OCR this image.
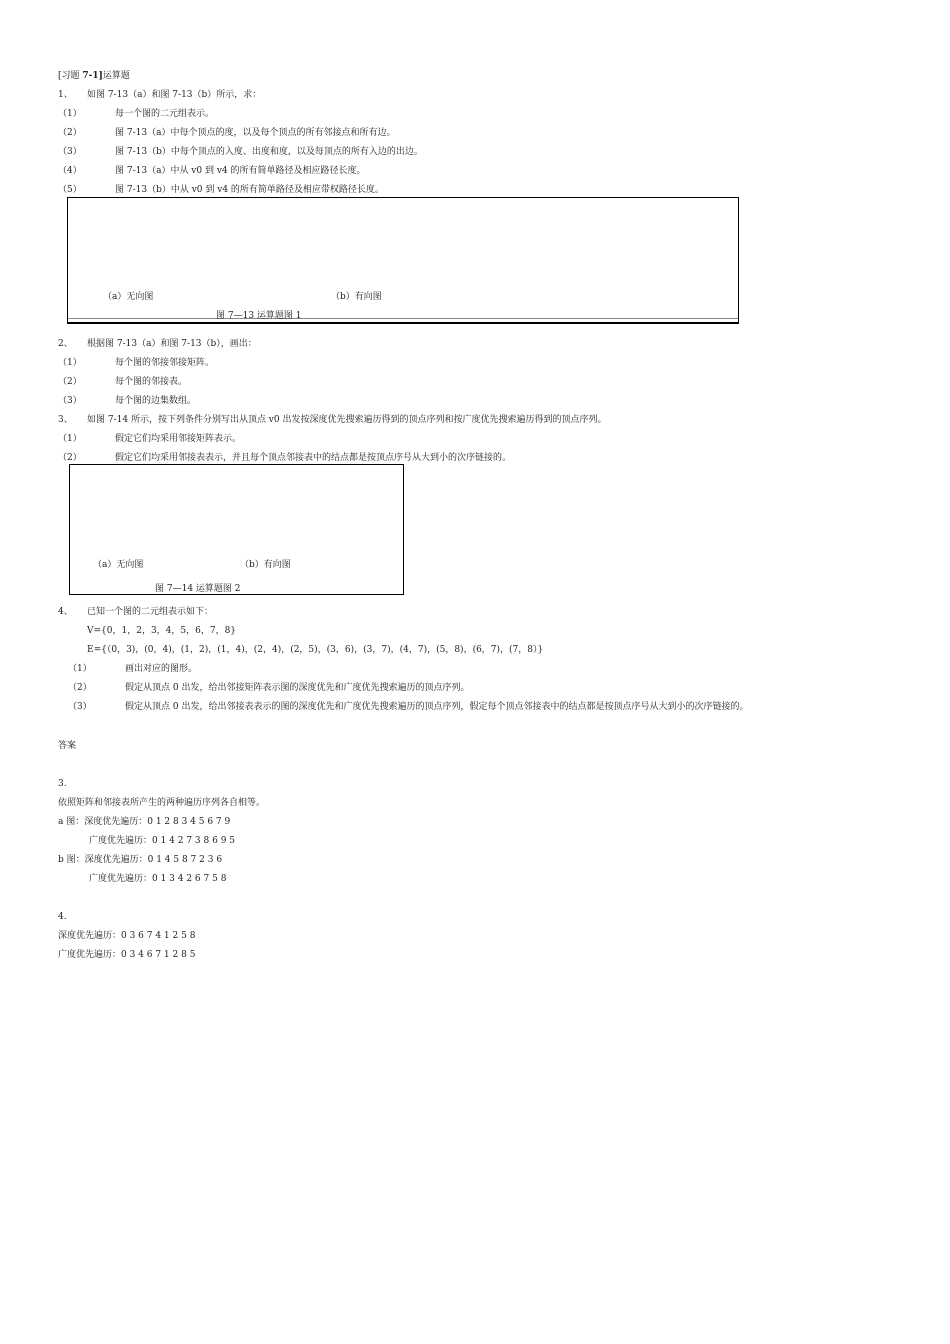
[习题 7-1]运算题
1、 如图 7-13（a）和图 7-13（b）所示，求：
（1）	每一个图的二元组表示。
（2）	图 7-13（a）中每个顶点的度，以及每个顶点的所有邻接点和所有边。
（3）	图 7-13（b）中每个顶点的入度、出度和度，以及每顶点的所有入边的出边。
（4）	图 7-13（a）中从 v0 到 v4 的所有简单路径及相应路径长度。
（5）	图 7-13（b）中从 v0 到 v4 的所有简单路径及相应带权路径长度。
（a）无向图	（b）有向图
图 7—13 运算题图 1
2、 根据图 7-13（a）和图 7-13（b），画出：
（1）	每个图的邻接邻接矩阵。
（2）	每个图的邻接表。
（3）	每个图的边集数组。
3、 如图 7-14 所示，按下列条件分别写出从顶点 v0 出发按深度优先搜索遍历得到的顶点序列和按广度优先搜索遍历得到的顶点序列。
（1）	假定它们均采用邻接矩阵表示。
（2）	假定它们均采用邻接表表示，并且每个顶点邻接表中的结点都是按顶点序号从大到小的次序链接的。
（a）无向图	（b）有向图
图 7—14 运算题图 2
4、 已知一个图的二元组表示如下：
V={0，1，2，3，4，5，6，7，8}
E={（0，3)，(0，4)，(1，2)，(1，4)，(2，4)，(2，5)，(3，6)，(3，7)，(4，7)，(5，8)，(6，7)，(7，8）}
（1）	画出对应的图形。
（2）	假定从顶点 0 出发，给出邻接矩阵表示图的深度优先和广度优先搜索遍历的顶点序列。
（3）	假定从顶点 0 出发，给出邻接表表示的图的深度优先和广度优先搜索遍历的顶点序列，假定每个顶点邻接表中的结点都是按顶点序号从大到小的次序链接的。
答案
3.
依照矩阵和邻接表所产生的两种遍历序列各自相等。
a 图：深度优先遍历：0 1 2 8 3 4 5 6 7 9
广度优先遍历：0 1 4 2 7 3 8 6 9 5
b 图：深度优先遍历：0 1 4 5 8 7 2 3 6
广度优先遍历：0 1 3 4 2 6 7 5 8
4.
深度优先遍历：0 3 6 7 4 1 2 5 8
广度优先遍历：0 3 4 6 7 1 2 8 5
